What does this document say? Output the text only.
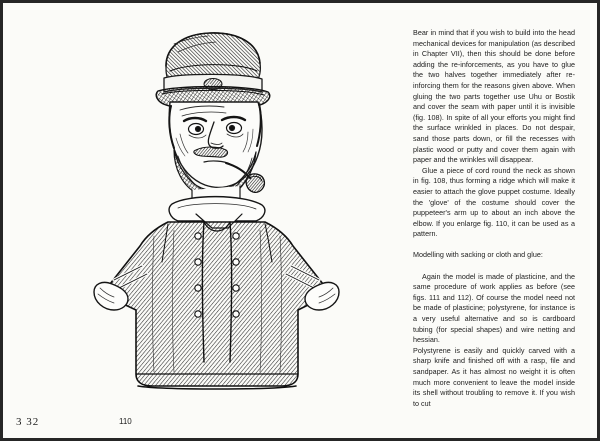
Bear in mind that if you wish to build into the head mechanical devices for manipulation (as described in Chapter VII), then this should be done before adding the re-inforcements, as you have to glue the two halves together immediately after re-inforcing them for the reasons given above. When gluing the two parts together use Uhu or Bostik and cover the seam with paper until it is invisible (fig. 108). In spite of all your efforts you might find the surface wrinkled in places. Do not despair, sand those parts down, or fill the recesses with plastic wood or putty and cover them again with paper and the wrinkles will disappear.

Glue a piece of cord round the neck as shown in fig. 108, thus forming a ridge which will make it easier to attach the glove puppet costume. Ideally the 'glove' of the costume should cover the puppeteer's arm up to about an inch above the elbow. If you enlarge fig. 110, it can be used as a pattern.

Modelling with sacking or cloth and glue:

Again the model is made of plasticine, and the same procedure of work applies as before (see figs. 111 and 112). Of course the model need not be made of plasticine; polystyrene, for instance is a very useful alternative and so is cardboard tubing (for special shapes) and wire netting and hessian.

Polystyrene is easily and quickly carved with a sharp knife and finished off with a rasp, file and sandpaper. As it has almost no weight it is often much more convenient to leave the model inside its shell without troubling to remove it. If you wish to cut

3 32	110
